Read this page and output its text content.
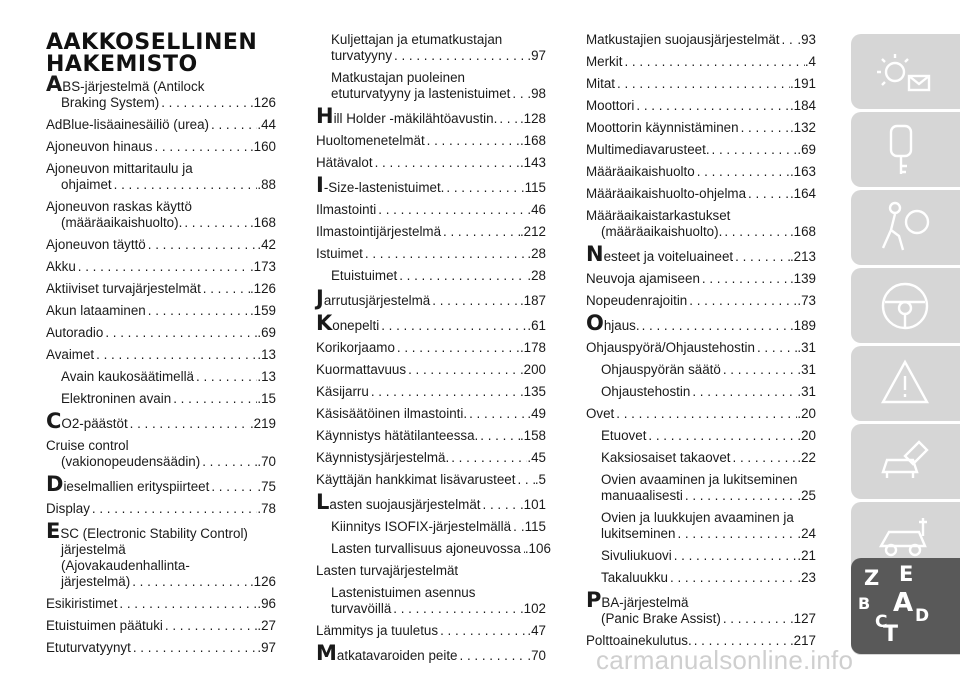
AAKKOSELLINEN
HAKEMISTO
A BS-järjestelmä (Antilock
Braking System) . . .	.126
AdBlue-lisäainesäiliö (urea) . . .	.44
Ajoneuvon hinaus . . .	.160
Ajoneuvon mittaritaulu ja
ohjaimet . . .	.88
Ajoneuvon raskas käyttö
(määräaikaishuolto). . . .	.168
Ajoneuvon täyttö . . .	.42
Akku . . .	.173
Aktiiviset turvajärjestelmät . . .	.126
Akun lataaminen . . .	.159
Autoradio . . .	.69
Avaimet . . .	.13
Avain kaukosäätimellä . . .	.13
Elektroninen avain . . .	.15
C O2-päästöt . . .	.219
Cruise control
(vakionopeudensäädin) . . .	.70
D ieselmallien erityspiirteet . . .	.75
Display . . .	.78
E SC (Electronic Stability Control)
järjestelmä
(Ajovakaudenhallinta-
järjestelmä) . . .	.126
Esikiristimet . . .	.96
Etuistuimen päätuki . . .	.27
Etuturvatyynyt . . .	.97
Kuljettajan ja etumatkustajan
turvatyyny . . .	.97
Matkustajan puoleinen
etuturvatyyny ja lastenistuimet . . . .98
H ill Holder -mäkilähtöavustin. . . . .128
Huoltomenetelmät . . .	.168
Hätävalot . . .	.143
I -Size-lastenistuimet. . . .	.115
Ilmastointi . . .	.46
Ilmastointijärjestelmä . . .	.212
Istuimet . . .	.28
Etuistuimet . . .	.28
J arrutusjärjestelmä . . .	.187
K onepelti . . .	.61
Korikorjaamo . . .	.178
Kuormattavuus . . .	.200
Käsijarru . . .	.135
Käsisäätöinen ilmastointi. . . .	.49
Käynnistys hätätilanteessa. . . .	.158
Käynnistysjärjestelmä. . . .	.45
Käyttäjän hankkimat lisävarusteet . . . .5
L asten suojausjärjestelmät . . .	.101
Kiinnitys ISOFIX-järjestelmällä . . . .115
Lasten turvallisuus ajoneuvossa . . . .106
Lasten turvajärjestelmät
Lastenistuimen asennus
turvavöillä . . .	.102
Lämmitys ja tuuletus . . .	.47
M atkatavaroiden peite . . .	.70
Matkustajien suojausjärjestelmät . . . .93
Merkit . . .	.4
Mitat . . .	.191
Moottori . . .	.184
Moottorin käynnistäminen . . .	.132
Multimediavarusteet. . . .	.69
Määräaikaishuolto . . .	.163
Määräaikaishuolto-ohjelma . . .	.164
Määräaikaistarkastukset
(määräaikaishuolto). . . .	.168
N esteet ja voiteluaineet . . .	.213
Neuvoja ajamiseen . . .	.139
Nopeudenrajoitin . . .	.73
O hjaus. . . .	.189
Ohjauspyörä/Ohjaustehostin . . .	.31
Ohjauspyörän säätö . . .	.31
Ohjaustehostin . . .	.31
Ovet . . .	.20
Etuovet . . .	.20
Kaksiosaiset takaovet . . .	.22
Ovien avaaminen ja lukitseminen
manuaalisesti . . .	.25
Ovien ja luukkujen avaaminen ja
lukitseminen . . .	.24
Sivuliukuovi . . .	.21
Takaluukku . . .	.23
P BA-järjestelmä
(Panic Brake Assist) . . .	.127
Polttoainekulutus. . . .	.217
Z E
B A
C D
T
carmanualsonline.info
